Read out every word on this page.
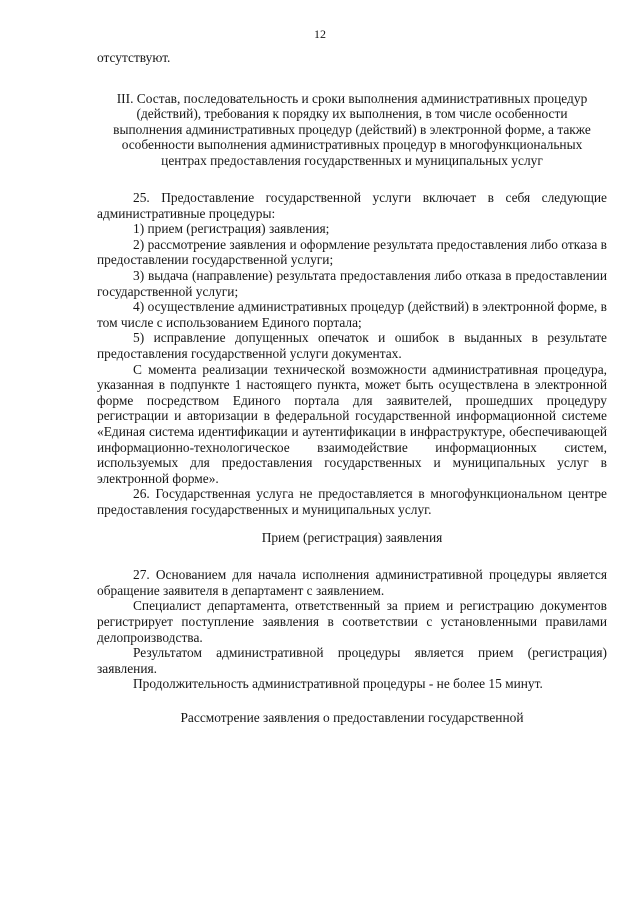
12

отсутствуют.

III. Состав, последовательность и сроки выполнения административных процедур (действий), требования к порядку их выполнения, в том числе особенности выполнения административных процедур (действий) в электронной форме, а также особенности выполнения административных процедур в многофункциональных центрах предоставления государственных и муниципальных услуг

25. Предоставление государственной услуги включает в себя следующие административные процедуры:

1) прием (регистрация) заявления;

2) рассмотрение заявления и оформление результата предоставления либо отказа в предоставлении государственной услуги;

3) выдача (направление) результата предоставления либо отказа в предоставлении государственной услуги;

4) осуществление административных процедур (действий) в электронной форме, в том числе с использованием Единого портала;

5) исправление допущенных опечаток и ошибок в выданных в результате предоставления государственной услуги документах.

С момента реализации технической возможности административная процедура, указанная в подпункте 1 настоящего пункта, может быть осуществлена в электронной форме посредством Единого портала для заявителей, прошедших процедуру регистрации и авторизации в федеральной государственной информационной системе «Единая система идентификации и аутентификации в инфраструктуре, обеспечивающей информационно-технологическое взаимодействие информационных систем, используемых для предоставления государственных и муниципальных услуг в электронной форме».

26. Государственная услуга не предоставляется в многофункциональном центре предоставления государственных и муниципальных услуг.

Прием (регистрация) заявления

27. Основанием для начала исполнения административной процедуры является обращение заявителя в департамент с заявлением.

Специалист департамента, ответственный за прием и регистрацию документов регистрирует поступление заявления в соответствии с установленными правилами делопроизводства.

Результатом административной процедуры является прием (регистрация) заявления.

Продолжительность административной процедуры - не более 15 минут.

Рассмотрение заявления о предоставлении государственной
